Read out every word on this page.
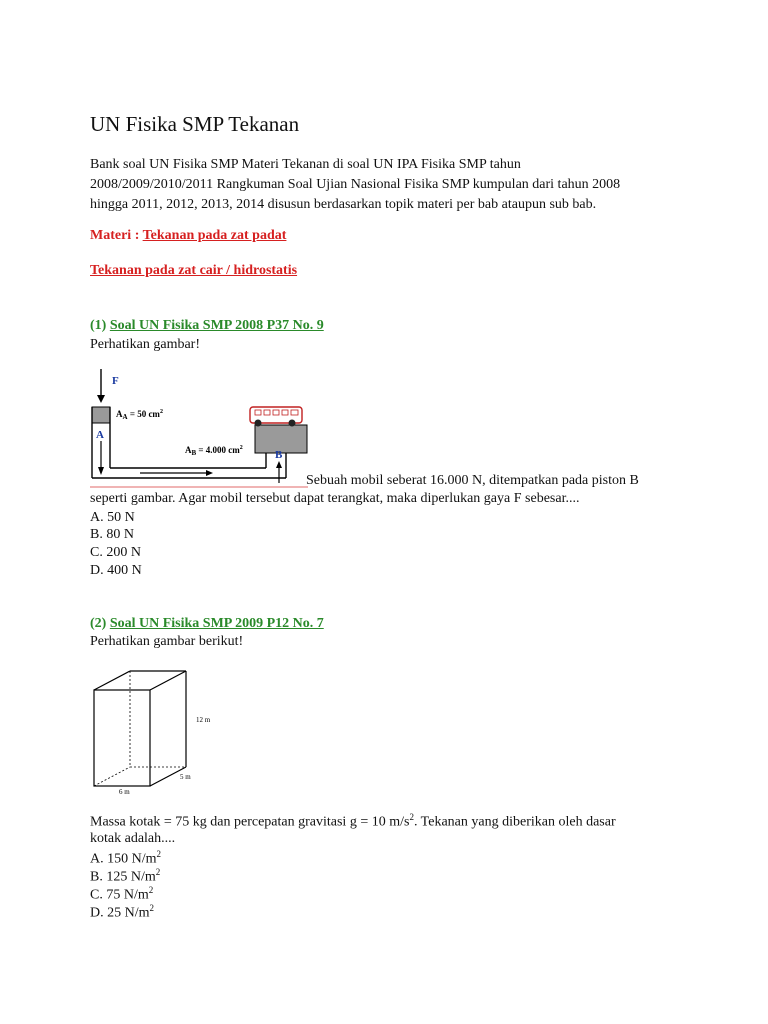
UN Fisika SMP Tekanan
Bank soal UN Fisika SMP Materi Tekanan di soal UN IPA Fisika SMP tahun
2008/2009/2010/2011 Rangkuman Soal Ujian Nasional Fisika SMP kumpulan dari tahun 2008
hingga 2011, 2012, 2013, 2014 disusun berdasarkan topik materi per bab ataupun sub bab.
Materi : Tekanan pada zat padat
Tekanan pada zat cair / hidrostatis
(1) Soal UN Fisika SMP 2008 P37 No. 9
Perhatikan gambar!
F
A
$A_A = 50$ $cm^2$
$A_B = 4.000$ $cm^2$
B
Sebuah mobil seberat 16.000 N, ditempatkan pada piston B
seperti gambar. Agar mobil tersebut dapat terangkat, maka diperlukan gaya F sebesar....
A. 50 N
B. 80 N
C. 200 N
D. 400 N
(2) Soal UN Fisika SMP 2009 P12 No. 7
Perhatikan gambar berikut!
12 m
5 m
6 m
Massa kotak = 75 kg dan percepatan gravitasi g = 10 $m/s^2$. Tekanan yang diberikan oleh dasar
kotak adalah....
A. 150 $N/m^2$
B. 125 $N/m^2$
C. 75 $N/m^2$
D. 25 $N/m^2$
